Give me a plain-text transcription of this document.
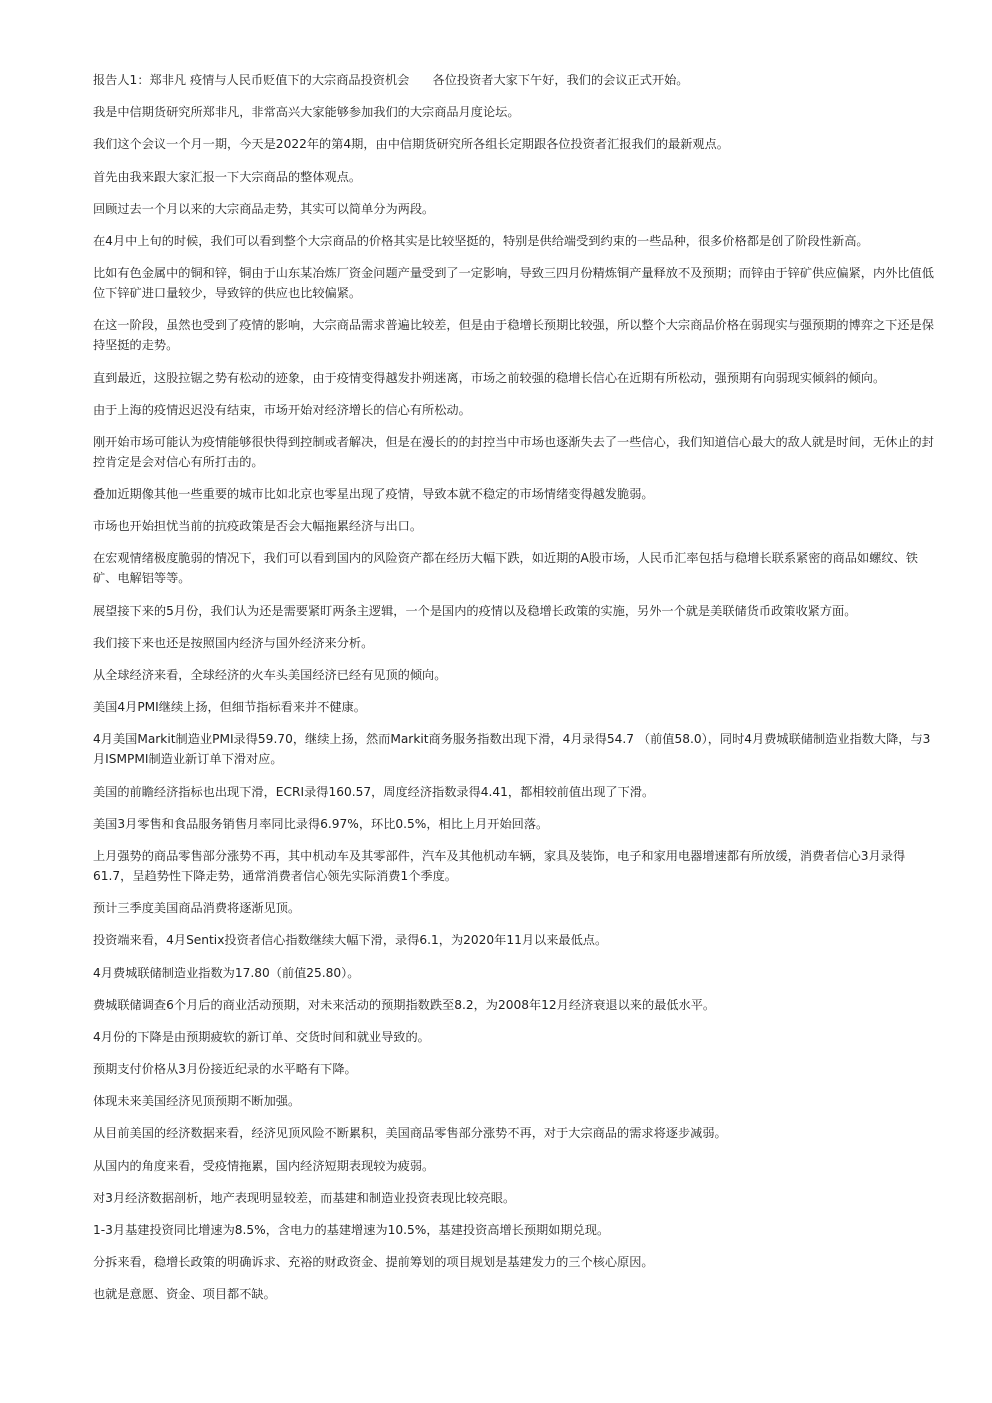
报告人1：郑非凡 疫情与人民币贬值下的大宗商品投资机会      各位投资者大家下午好，我们的会议正式开始。

我是中信期货研究所郑非凡，非常高兴大家能够参加我们的大宗商品月度论坛。

我们这个会议一个月一期，今天是2022年的第4期，由中信期货研究所各组长定期跟各位投资者汇报我们的最新观点。

首先由我来跟大家汇报一下大宗商品的整体观点。

回顾过去一个月以来的大宗商品走势，其实可以简单分为两段。

在4月中上旬的时候，我们可以看到整个大宗商品的价格其实是比较坚挺的，特别是供给端受到约束的一些品种，很多价格都是创了阶段性新高。

比如有色金属中的铜和锌，铜由于山东某冶炼厂资金问题产量受到了一定影响，导致三四月份精炼铜产量释放不及预期；而锌由于锌矿供应偏紧，内外比值低位下锌矿进口量较少，导致锌的供应也比较偏紧。

在这一阶段，虽然也受到了疫情的影响，大宗商品需求普遍比较差，但是由于稳增长预期比较强，所以整个大宗商品价格在弱现实与强预期的博弈之下还是保持坚挺的走势。

直到最近，这股拉锯之势有松动的迹象，由于疫情变得越发扑朔迷离，市场之前较强的稳增长信心在近期有所松动，强预期有向弱现实倾斜的倾向。

由于上海的疫情迟迟没有结束，市场开始对经济增长的信心有所松动。

刚开始市场可能认为疫情能够很快得到控制或者解决，但是在漫长的的封控当中市场也逐渐失去了一些信心，我们知道信心最大的敌人就是时间，无休止的封控肯定是会对信心有所打击的。

叠加近期像其他一些重要的城市比如北京也零星出现了疫情，导致本就不稳定的市场情绪变得越发脆弱。

市场也开始担忧当前的抗疫政策是否会大幅拖累经济与出口。

在宏观情绪极度脆弱的情况下，我们可以看到国内的风险资产都在经历大幅下跌，如近期的A股市场，人民币汇率包括与稳增长联系紧密的商品如螺纹、铁矿、电解铝等等。

展望接下来的5月份，我们认为还是需要紧盯两条主逻辑，一个是国内的疫情以及稳增长政策的实施，另外一个就是美联储货币政策收紧方面。

我们接下来也还是按照国内经济与国外经济来分析。

从全球经济来看，全球经济的火车头美国经济已经有见顶的倾向。

美国4月PMI继续上扬，但细节指标看来并不健康。

4月美国Markit制造业PMI录得59.70，继续上扬，然而Markit商务服务指数出现下滑，4月录得54.7 （前值58.0），同时4月费城联储制造业指数大降，与3月ISMPMI制造业新订单下滑对应。

美国的前瞻经济指标也出现下滑，ECRI录得160.57，周度经济指数录得4.41，都相较前值出现了下滑。

美国3月零售和食品服务销售月率同比录得6.97%，环比0.5%，相比上月开始回落。

上月强势的商品零售部分涨势不再，其中机动车及其零部件，汽车及其他机动车辆，家具及装饰，电子和家用电器增速都有所放缓，消费者信心3月录得61.7，呈趋势性下降走势，通常消费者信心领先实际消费1个季度。

预计三季度美国商品消费将逐渐见顶。

投资端来看，4月Sentix投资者信心指数继续大幅下滑，录得6.1，为2020年11月以来最低点。

4月费城联储制造业指数为17.80（前值25.80）。

费城联储调查6个月后的商业活动预期，对未来活动的预期指数跌至8.2，为2008年12月经济衰退以来的最低水平。

4月份的下降是由预期疲软的新订单、交货时间和就业导致的。

预期支付价格从3月份接近纪录的水平略有下降。

体现未来美国经济见顶预期不断加强。

从目前美国的经济数据来看，经济见顶风险不断累积，美国商品零售部分涨势不再，对于大宗商品的需求将逐步减弱。

从国内的角度来看，受疫情拖累，国内经济短期表现较为疲弱。

对3月经济数据剖析，地产表现明显较差，而基建和制造业投资表现比较亮眼。

1-3月基建投资同比增速为8.5%，含电力的基建增速为10.5%，基建投资高增长预期如期兑现。

分拆来看，稳增长政策的明确诉求、充裕的财政资金、提前筹划的项目规划是基建发力的三个核心原因。

也就是意愿、资金、项目都不缺。
